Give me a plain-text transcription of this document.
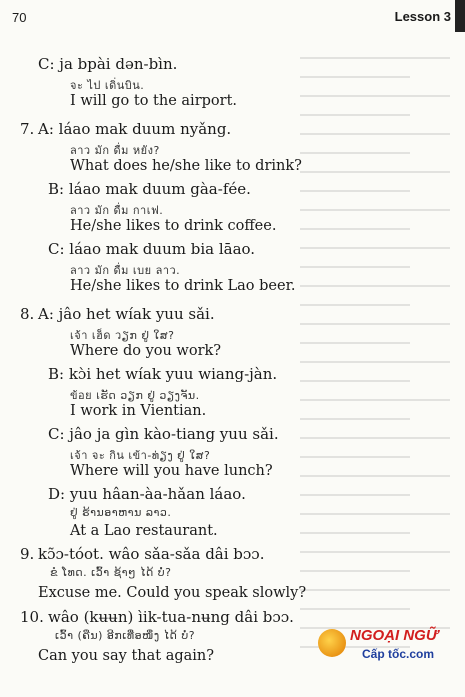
70	Lesson 3
C: ja bpài dən-bìn.
จะ ไป เดิ่นบิน.
I will go to the airport.
A: láao mak duum nyǎng.
ลาว มัก ดื่ม หยัง?
What does he/she like to drink?
B: láao mak duum gàa-fée.
ลาว มัก ดื่ม กาเฟ.
He/she likes to drink coffee.
C: láao mak duum bia lāao.
ลาว มัก ดื่ม เบย ลาว.
He/she likes to drink Lao beer.
A: jâo het wíak yuu sǎi.
เจ้า เฮ็ด วຽກ ຢູ່ ໃສ?
Where do you work?
B: kɔ̀i het wíak yuu wiang-jàn.
ข้อย เຮັດ ວຽກ ຢູ່ ວຽງຈັນ.
I work in Vientian.
C: jâo ja gìn kào-tiang yuu sǎi.
เจ้า จะ กิน เข้า-ທ່ຽງ ຢູ່ ໃສ?
Where will you have lunch?
D: yuu hâan-àa-hǎan láao.
ຢູ່ ຮ້ານອາຫານ ລາວ.
At a Lao restaurant.
kɔ̃ɔ-tóot. wâo sǎa-sǎa dâi bɔɔ.
ຂໍ ໂທດ. ເວົ້າ ຊ້າໆ ໄດ້ ບໍ່?
Excuse me. Could you speak slowly?
wâo (kʉʉn) ìik-tua-nʉng dâi bɔɔ.
ເວົ້າ (ຄືນ) ອີກເທື່ອໜຶ່ງ ໄດ້ ບໍ່?
Can you say that again?
7.
8.
9.
10.
NGOẠI NGỮ
Cấp tốc.com
